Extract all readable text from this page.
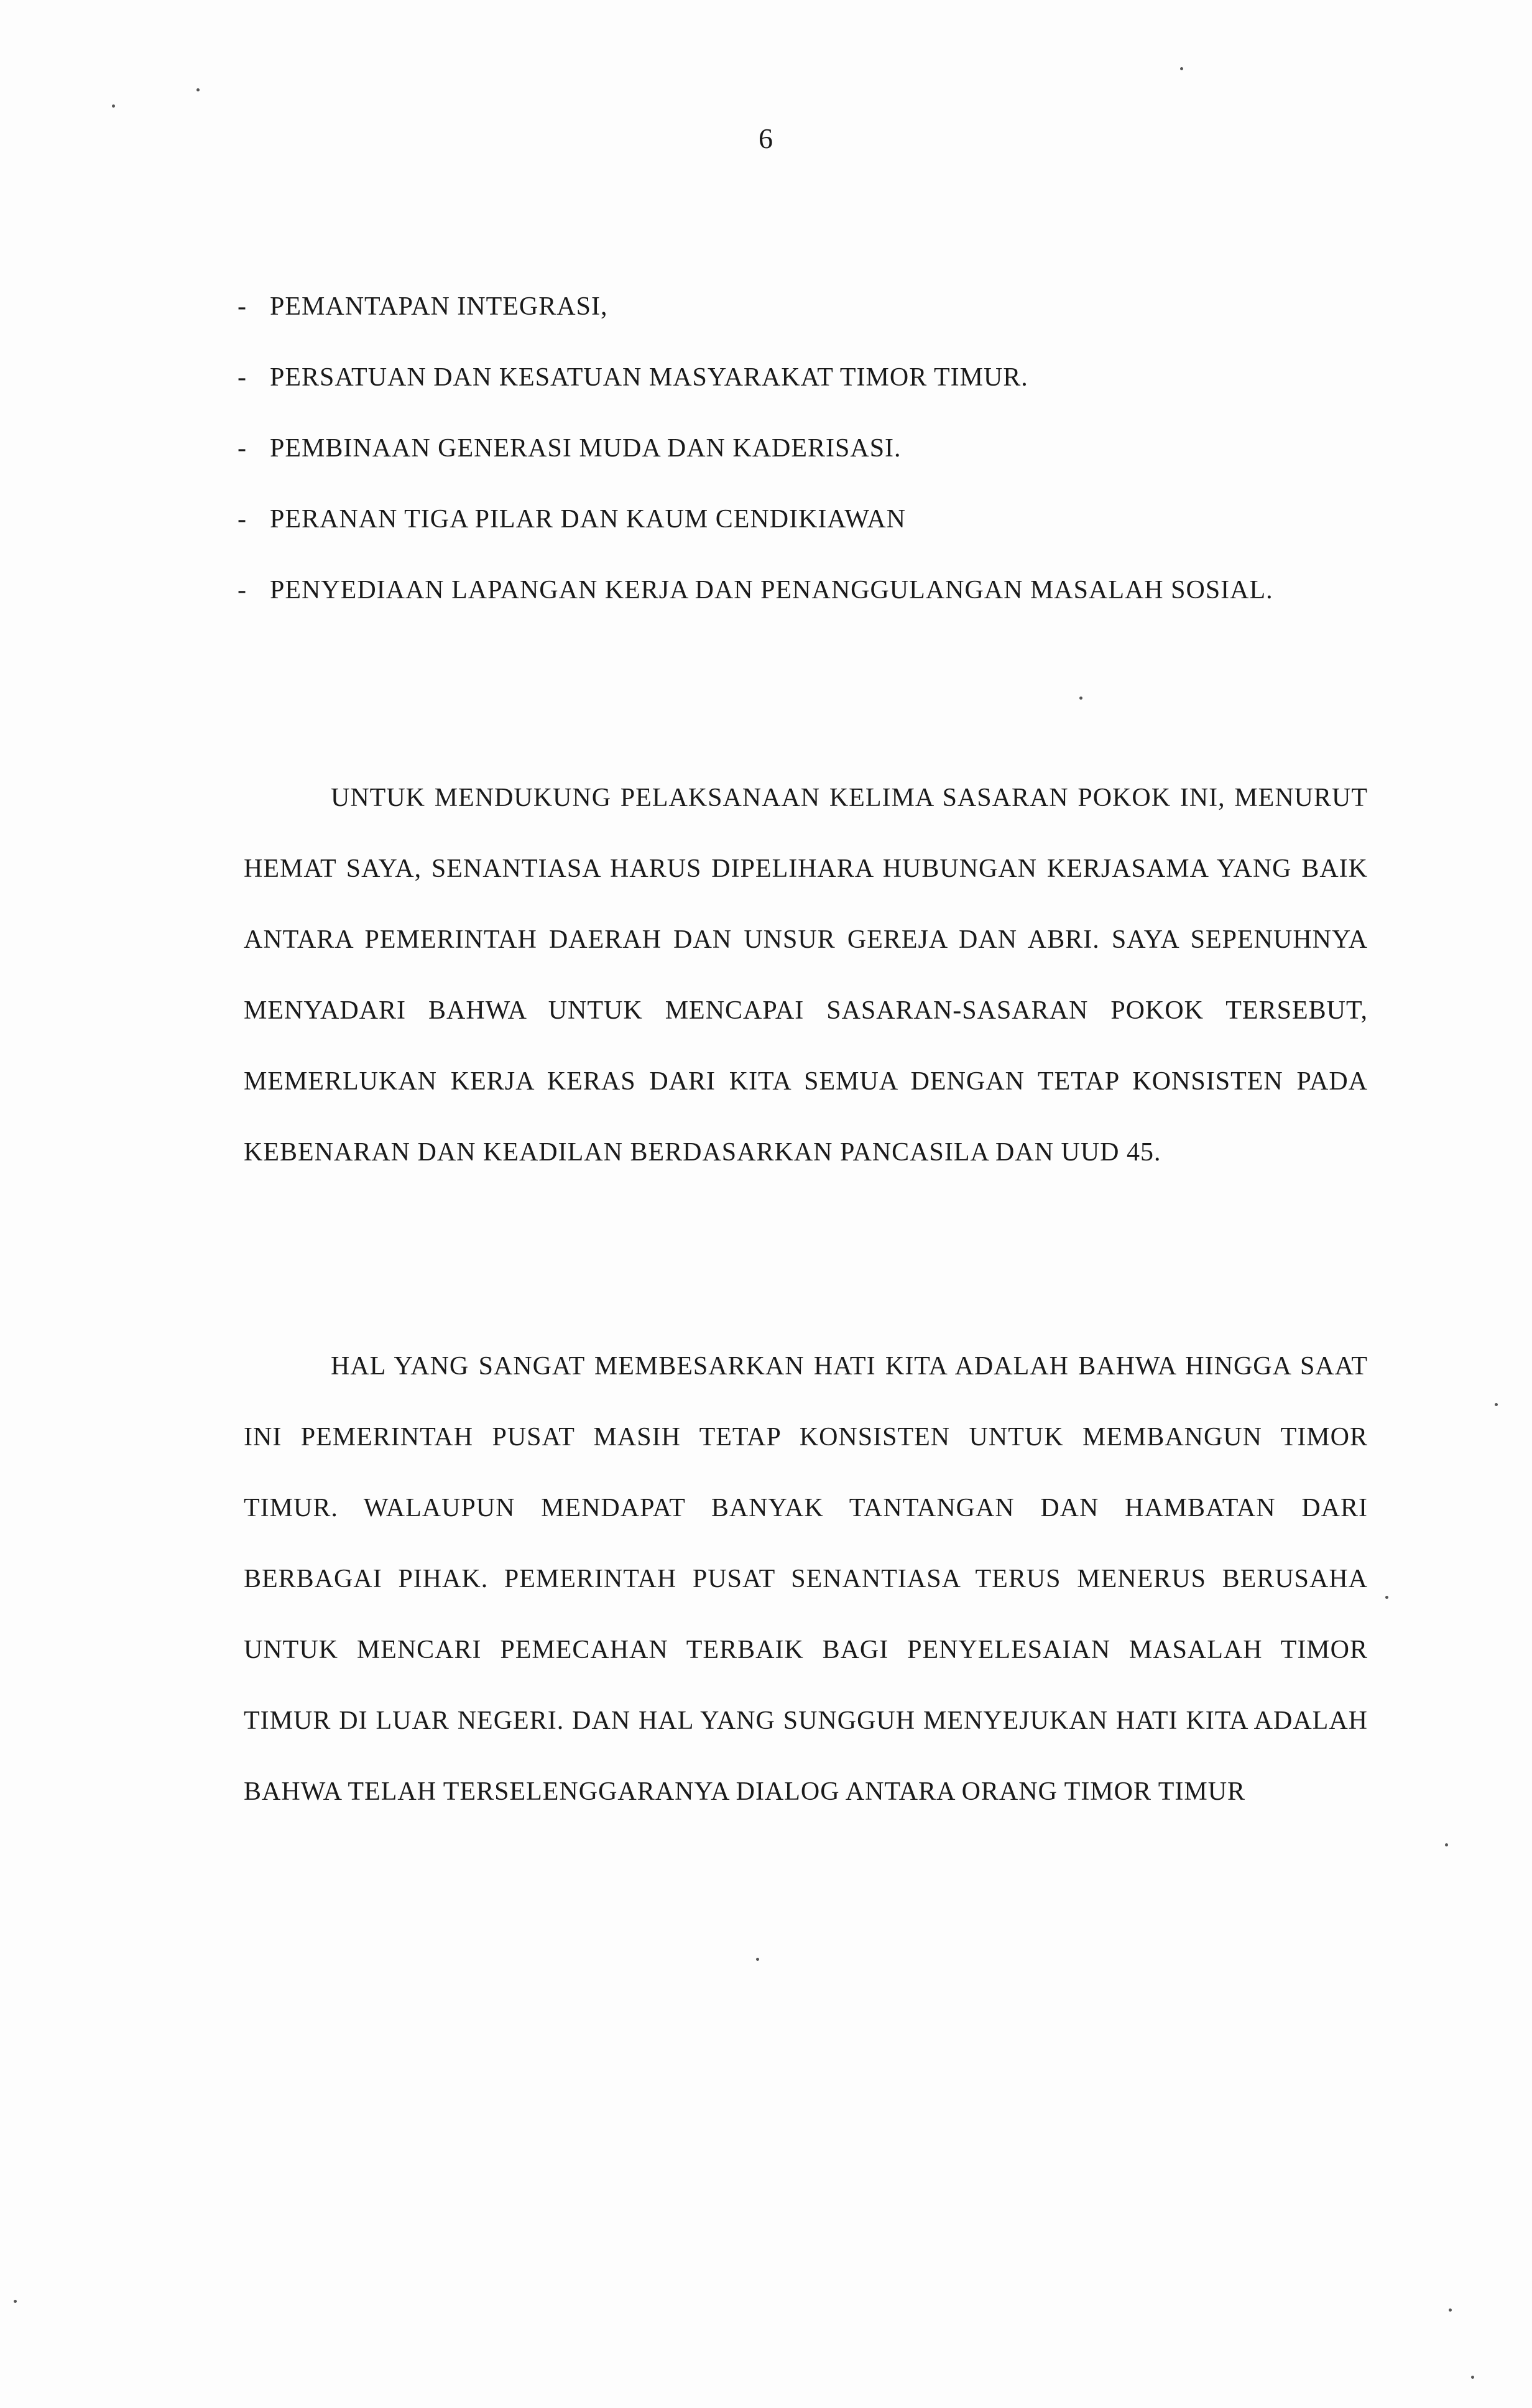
6
- PEMANTAPAN INTEGRASI,
- PERSATUAN DAN KESATUAN MASYARAKAT TIMOR TIMUR.
- PEMBINAAN GENERASI MUDA DAN KADERISASI.
- PERANAN TIGA PILAR DAN KAUM CENDIKIAWAN
- PENYEDIAAN LAPANGAN KERJA DAN PENANGGULANGAN MASALAH SOSIAL.

UNTUK MENDUKUNG PELAKSANAAN KELIMA SASARAN POKOK INI, MENURUT HEMAT SAYA, SENANTIASA HARUS DIPELIHARA HUBUNGAN KERJASAMA YANG BAIK ANTARA PEMERINTAH DAERAH DAN UNSUR GEREJA DAN ABRI. SAYA SEPENUHNYA MENYADARI BAHWA UNTUK MENCAPAI SASARAN-SASARAN POKOK TERSEBUT, MEMERLUKAN KERJA KERAS DARI KITA SEMUA DENGAN TETAP KONSISTEN PADA KEBENARAN DAN KEADILAN BERDASARKAN PANCASILA DAN UUD 45.

HAL YANG SANGAT MEMBESARKAN HATI KITA ADALAH BAHWA HINGGA SAAT INI PEMERINTAH PUSAT MASIH TETAP KONSISTEN UNTUK MEMBANGUN TIMOR TIMUR. WALAUPUN MENDAPAT BANYAK TANTANGAN DAN HAMBATAN DARI BERBAGAI PIHAK. PEMERINTAH PUSAT SENANTIASA TERUS MENERUS BERUSAHA UNTUK MENCARI PEMECAHAN TERBAIK BAGI PENYELESAIAN MASALAH TIMOR TIMUR DI LUAR NEGERI. DAN HAL YANG SUNGGUH MENYEJUKAN HATI KITA ADALAH BAHWA TELAH TERSELENGGARANYA DIALOG ANTARA ORANG TIMOR TIMUR
